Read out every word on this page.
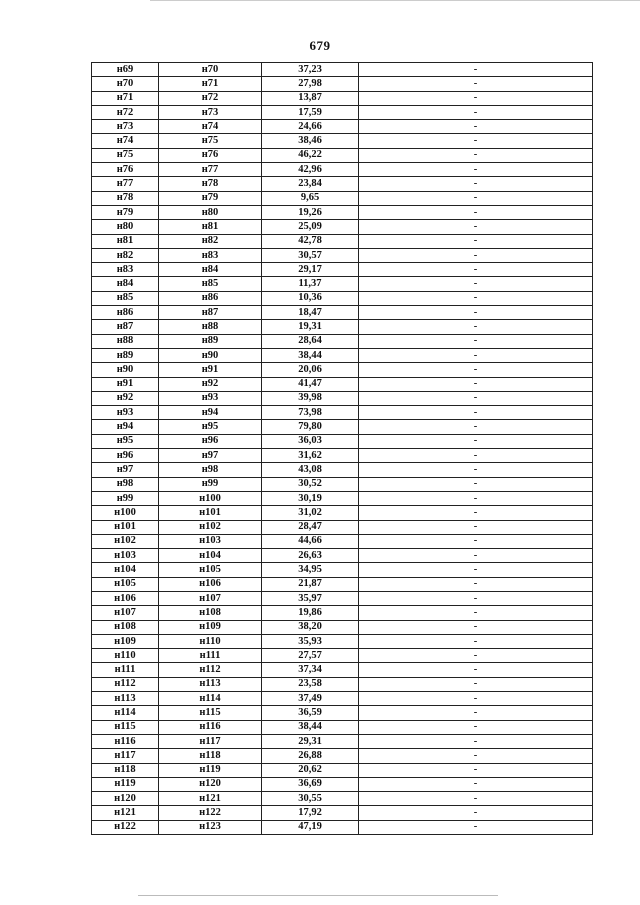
679
н69	н70	37,23	-
н70	н71	27,98	-
н71	н72	13,87	-
н72	н73	17,59	-
н73	н74	24,66	-
н74	н75	38,46	-
н75	н76	46,22	-
н76	н77	42,96	-
н77	н78	23,84	-
н78	н79	9,65	-
н79	н80	19,26	-
н80	н81	25,09	-
н81	н82	42,78	-
н82	н83	30,57	-
н83	н84	29,17	-
н84	н85	11,37	-
н85	н86	10,36	-
н86	н87	18,47	-
н87	н88	19,31	-
н88	н89	28,64	-
н89	н90	38,44	-
н90	н91	20,06	-
н91	н92	41,47	-
н92	н93	39,98	-
н93	н94	73,98	-
н94	н95	79,80	-
н95	н96	36,03	-
н96	н97	31,62	-
н97	н98	43,08	-
н98	н99	30,52	-
н99	н100	30,19	-
н100	н101	31,02	-
н101	н102	28,47	-
н102	н103	44,66	-
н103	н104	26,63	-
н104	н105	34,95	-
н105	н106	21,87	-
н106	н107	35,97	-
н107	н108	19,86	-
н108	н109	38,20	-
н109	н110	35,93	-
н110	н111	27,57	-
н111	н112	37,34	-
н112	н113	23,58	-
н113	н114	37,49	-
н114	н115	36,59	-
н115	н116	38,44	-
н116	н117	29,31	-
н117	н118	26,88	-
н118	н119	20,62	-
н119	н120	36,69	-
н120	н121	30,55	-
н121	н122	17,92	-
н122	н123	47,19	-
